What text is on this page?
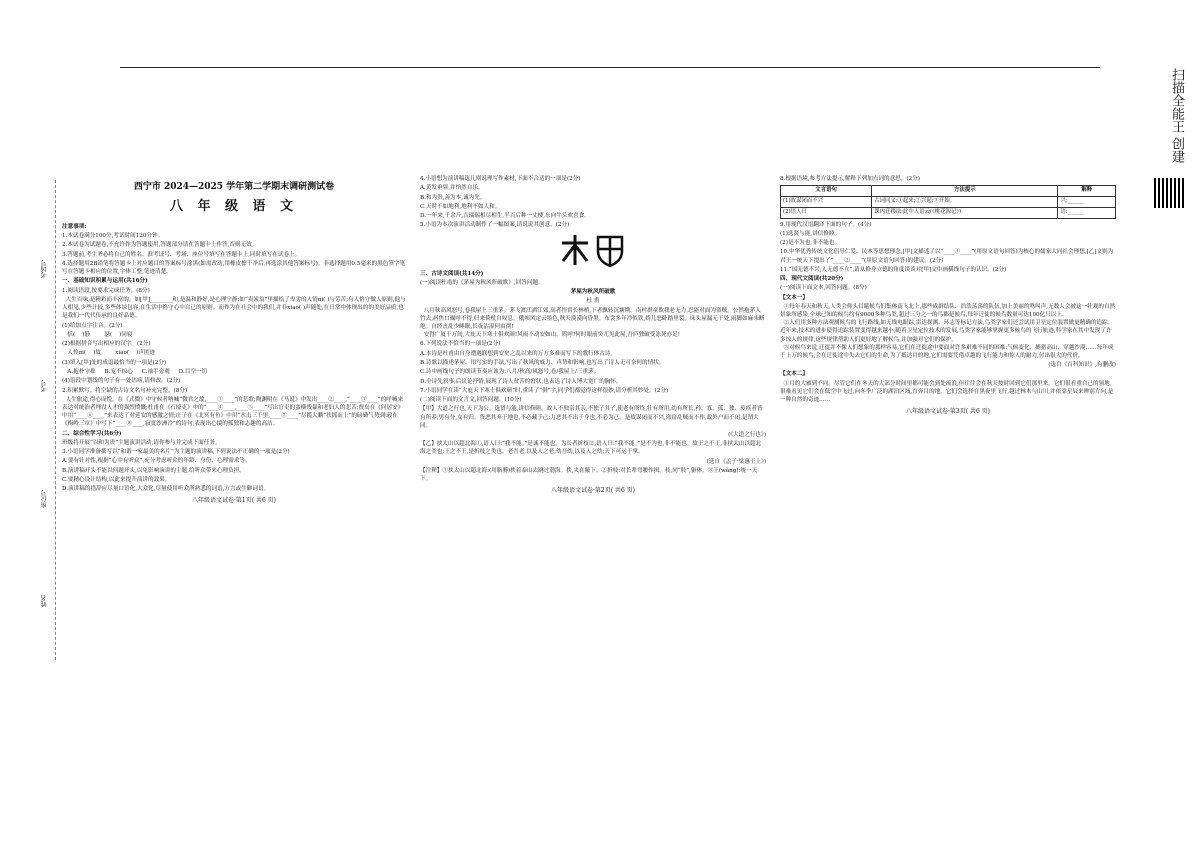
扫描全能王 创建
考场号
考号
座位号
姓名
西宁市 2024—2025 学年第二学期末调研测试卷
八 年 级 语 文

注意事项:

1.本试卷满分100分,考试时间120分钟。

2.本试卷为试题卷,不允许作为答题使用,答题部分请在答题卡上作答,否则无效。

3.答题前,考生务必将自己的姓名、准考证号、考场、座位号填写在答题卡上,同时填写在试卷上。

4.选择题用2B铅笔将答题卡上对应题目的答案标号涂黑(如需改动,用橡皮擦干净后,再选涂其他答案标号)。非选择题用0.5毫米的黑色签字笔写在答题卡相应的位置,字体工整,笔迹清楚。

一、基础知识积累与运用(共16分)

1.阅读语段,按要求完成任务。(8分)

人生百味,是精彩而丰富的。如[甲]________和,是温和静好,是心理宁静;如“卖炭翁”里描绘了卑劣的人情ɑi( )与劳苦;有人恪守做人原则,他与人相见,少些计较,多些体谅包容,在生活中恪守心中自己的原则。而作为在社会中的我们,并非xiao( )声随处,在日常中体现出的的美好品质,也是我们一代代传承的良好品德。

(1)给加点字注音。(2分)

恬(    )静        瑟(    )同寝

(2)根据拼音写出相应的汉字。(2分)

人惶ɑi(    )故        xiao(    )声匿迹

(3)填入[甲]处的成语最恰当的一项是(2分)

A.抱朴守拙     B.宠不惊心     C.袖手旁观     D.目空一切

(4)语段中划线的句子有一处语病,请修改。(2分)

2.积累默写。将空缺的古诗文名句补充完整。(8分)

人生旅途,得心而悦。在《式微》中守候者呐喊“微君之故,____①____”的悲歌;陶渊明在《马说》中发出____②____,“____③____”的呼喊来表达对统治者埋没人才的强烈愤慨;杜甫在《石壕吏》中的“____④____,____⑤____”写出官吏的蛮横残暴和老妇人的悲苦;贾岛在《问居安》中用“____⑥____”来表达了对延安的感激之情;庄子在《北冥有鱼》中用“水击三千里,____⑦____”尽揽大鹏“扶摇而上”的磅礴气势;陈毅在《梅岭三章》中写下“____⑧____,寂寞沙洲冷”的诗句,表现出心境的孤独和志趣的高洁。

二、综合性学习(共6分)

班级将开展“以和为贵”主题演讲活动,请你参与并完成下面任务。

3.小语同学准备撰写以“和谐一家最美的名片”为主题的演讲稿,下列说法不正确的一项是(2分)

A.要有针对性,根据“心中有听众”,充分考虑听众的年龄、身份、心理需求等。

B.演讲稿开头不能以问题开头,以免影响演讲的主题,给听众带来心理负担。

C.要精心设计结构,以此来提升演讲的效果。

D.演讲稿的措辞应尽量口语化,大众化,尽量使用听众所熟悉的词语,方言或生僻词语。

八年级语文试卷·第1页( 共6 页)

4.小语想为演讲稿选几则说理写作素材,下面不合适的一项是(2分)

A.黄发垂髫,并怡然自乐。

B.和为贵,善为本,诚为先。

C.天时不如地利,地利不如人和。

D.一年来,千余斤,吉瑞瑞相尽相生,半百后种一丈楼,东向牛头欢喜食。

5.小语为本次演讲活动制作了一幅图案,请说说其创意。(2分)

三、古诗文阅读(共14分)

(一)阅读杜甫的《茅屋为秋风所破歌》,回答问题。

茅屋为秋风所破歌

杜 甫

八月秋高风怒号,卷我屋上三重茅。茅飞渡江洒江郊,高者挂罥长林梢,下者飘转沉塘坳。南村群童欺我老无力,忍能对面为盗贼。公然抱茅入竹去,唇焦口燥呼不得,归来倚杖自叹息。俄顷风定云墨色,秋天漠漠向昏黑。布衾多年冷似铁,娇儿恶卧踏里裂。床头屋漏无干处,雨脚如麻未断绝。自经丧乱少睡眠,长夜沾湿何由彻!
安得广厦千万间,大庇天下寒士俱欢颜!风雨不动安如山。呜呼!何时眼前突兀见此屋,吾庐独破受冻死亦足!

6.下列说法不恰当的一项是(2分)

A.本诗是杜甫由自身遭遇联想到安史之乱以来的万方多难而写下的歌行体古诗。

B.诗歌以描述茅屋、用写实的手法,写出了秋风的威力、声势和影响,也写出了诗人无可奈何的情状。

C.诗中画线句子的朗读节奏应该为:八月/秋高/风怒号,卷/我屋上/三重茅。

D.全诗先叙事,后议论抒情,展现了诗人贫苦的窘状,也表达了诗人博大宽广的胸怀。

7.小语同学在读“大庇天下寒士俱欢颜”时,重读了“俱”字,同学们都觉得这样很妙,请分析其妙处。(2分)

(二)阅读下面的文言文,回答问题。(10分)

【甲】大道之行也,天下为公。选贤与能,讲信修睦。故人不独亲其亲,不独子其子,使老有所终,壮有所用,幼有所长,矜、寡、孤、独、废疾者皆有所养,男有分,女有归。货恶其弃于地也,不必藏于己;力恶其不出于身也,不必为己。是故谋闭而不兴,盗窃乱贼而不作,故外户而不闭,是谓大同。

(《大道之行也》)

【乙】挟太山以超北海①,语人曰:“我不能。”是诚不能也。为长者折枝②,语人曰:“我不能。”是不为也,非不能也。故王之不王,非挟太山以超北海之类也;王之不王,是折枝之类也。老吾老,以及人之老;幼吾幼,以及人之幼;天下可运于掌。

(选自《孟子·梁惠王上》)

【注释】①挟太山以超北海:(用胳膊)挟着泰山去跳过渤海。挟,夹在腋下。②折枝:对长辈弯腰作揖。枝,同“肢”,躯体。③王(wàng):统一天下。

八年级语文试卷·第2页( 共6 页)

8.根据语境,参考方法提示,解释下列加点词的意思。(2分)

文言语句	方法提示	解释
(1)故谋闭而不兴	古词同义:①起来;②兴起;③开始。	兴:______
(2)语人曰	课内迁移法:此中人语云(《桃花源记》)	语:______

9.用现代汉语翻译下面的句子。(4分)

(1)选贤与能,讲信修睦。

(2)是不为也,非不能也。

10.中华优秀传统文化倡导仁爱、民本等思想理念,[甲]文描述了以“____①____”(用原文语句回答)为核心的儒家大同社会理想,[乙]文则为君王一统天下提出了“____②____”(用原文语句回答)的建议。(2分)

11.“国无德不兴,人无德不立”,请从修身立德的角度谈谈对[甲]文中画横线句子的认识。(2分)

四、现代文阅读(共20分)

(一)阅读下面文本,回答问题。(8分)

【文本一】

①每年春天和秋天,人类会仰头目睹候鸟们集体南飞北上,那些成群结队、浩浩荡荡的队伍,加上美丽的鸣叫声,无数人会被这一壮观的自然景象所感染,全球已知的候鸟约有9000多种鸟类,超过三分之一的鸟都是候鸟,每年迁徙的候鸟数量可达100亿只以上。
②人们用多种方法观测候鸟的飞行路线,如无线电跟踪,雷达探测、环志等标记方法,鸟类学家们还尝试用卫星定位装置做更精确的追踪。近年来,技术的进步使得追踪装置变得越来越小,随着卫星定位技术的发展,鸟类学家能够掌握更多候鸟的飞行轨迹,科学家在其中发现了许多惊人的规律,这些规律帮助人们更好地了解候鸟,并加强对它们的保护。
③对候鸟来说,迁徙并不像人们想象的那样容易,它们在迁徙途中要面对许多艰难不同的困难:气候变化、捕猎高山、穿越沙漠……每年成千上万的候鸟,会在迁徙途中失去它们的生命,为了抵达目的地,它们需要凭借卓越的飞行能力和惊人的耐力,付出很大的代价。

(选自《百科知识》,有删改)

【文本二】

①月的大雁到不同。尽管它们在冬天的大部分时间里都可能会到处流浪,但往往会在秋天按时回到它们那里来。它们很看重自己的领地,很难看见它们会在低空中飞过,向冬季广泛的湖泊区域,直奔目的地。它们会选择在黑夜里飞行,越过林木与山川,并依靠星辰来辨别方向,是一种自然的奇迹……

八年级语文试卷·第3页( 共6 页)
